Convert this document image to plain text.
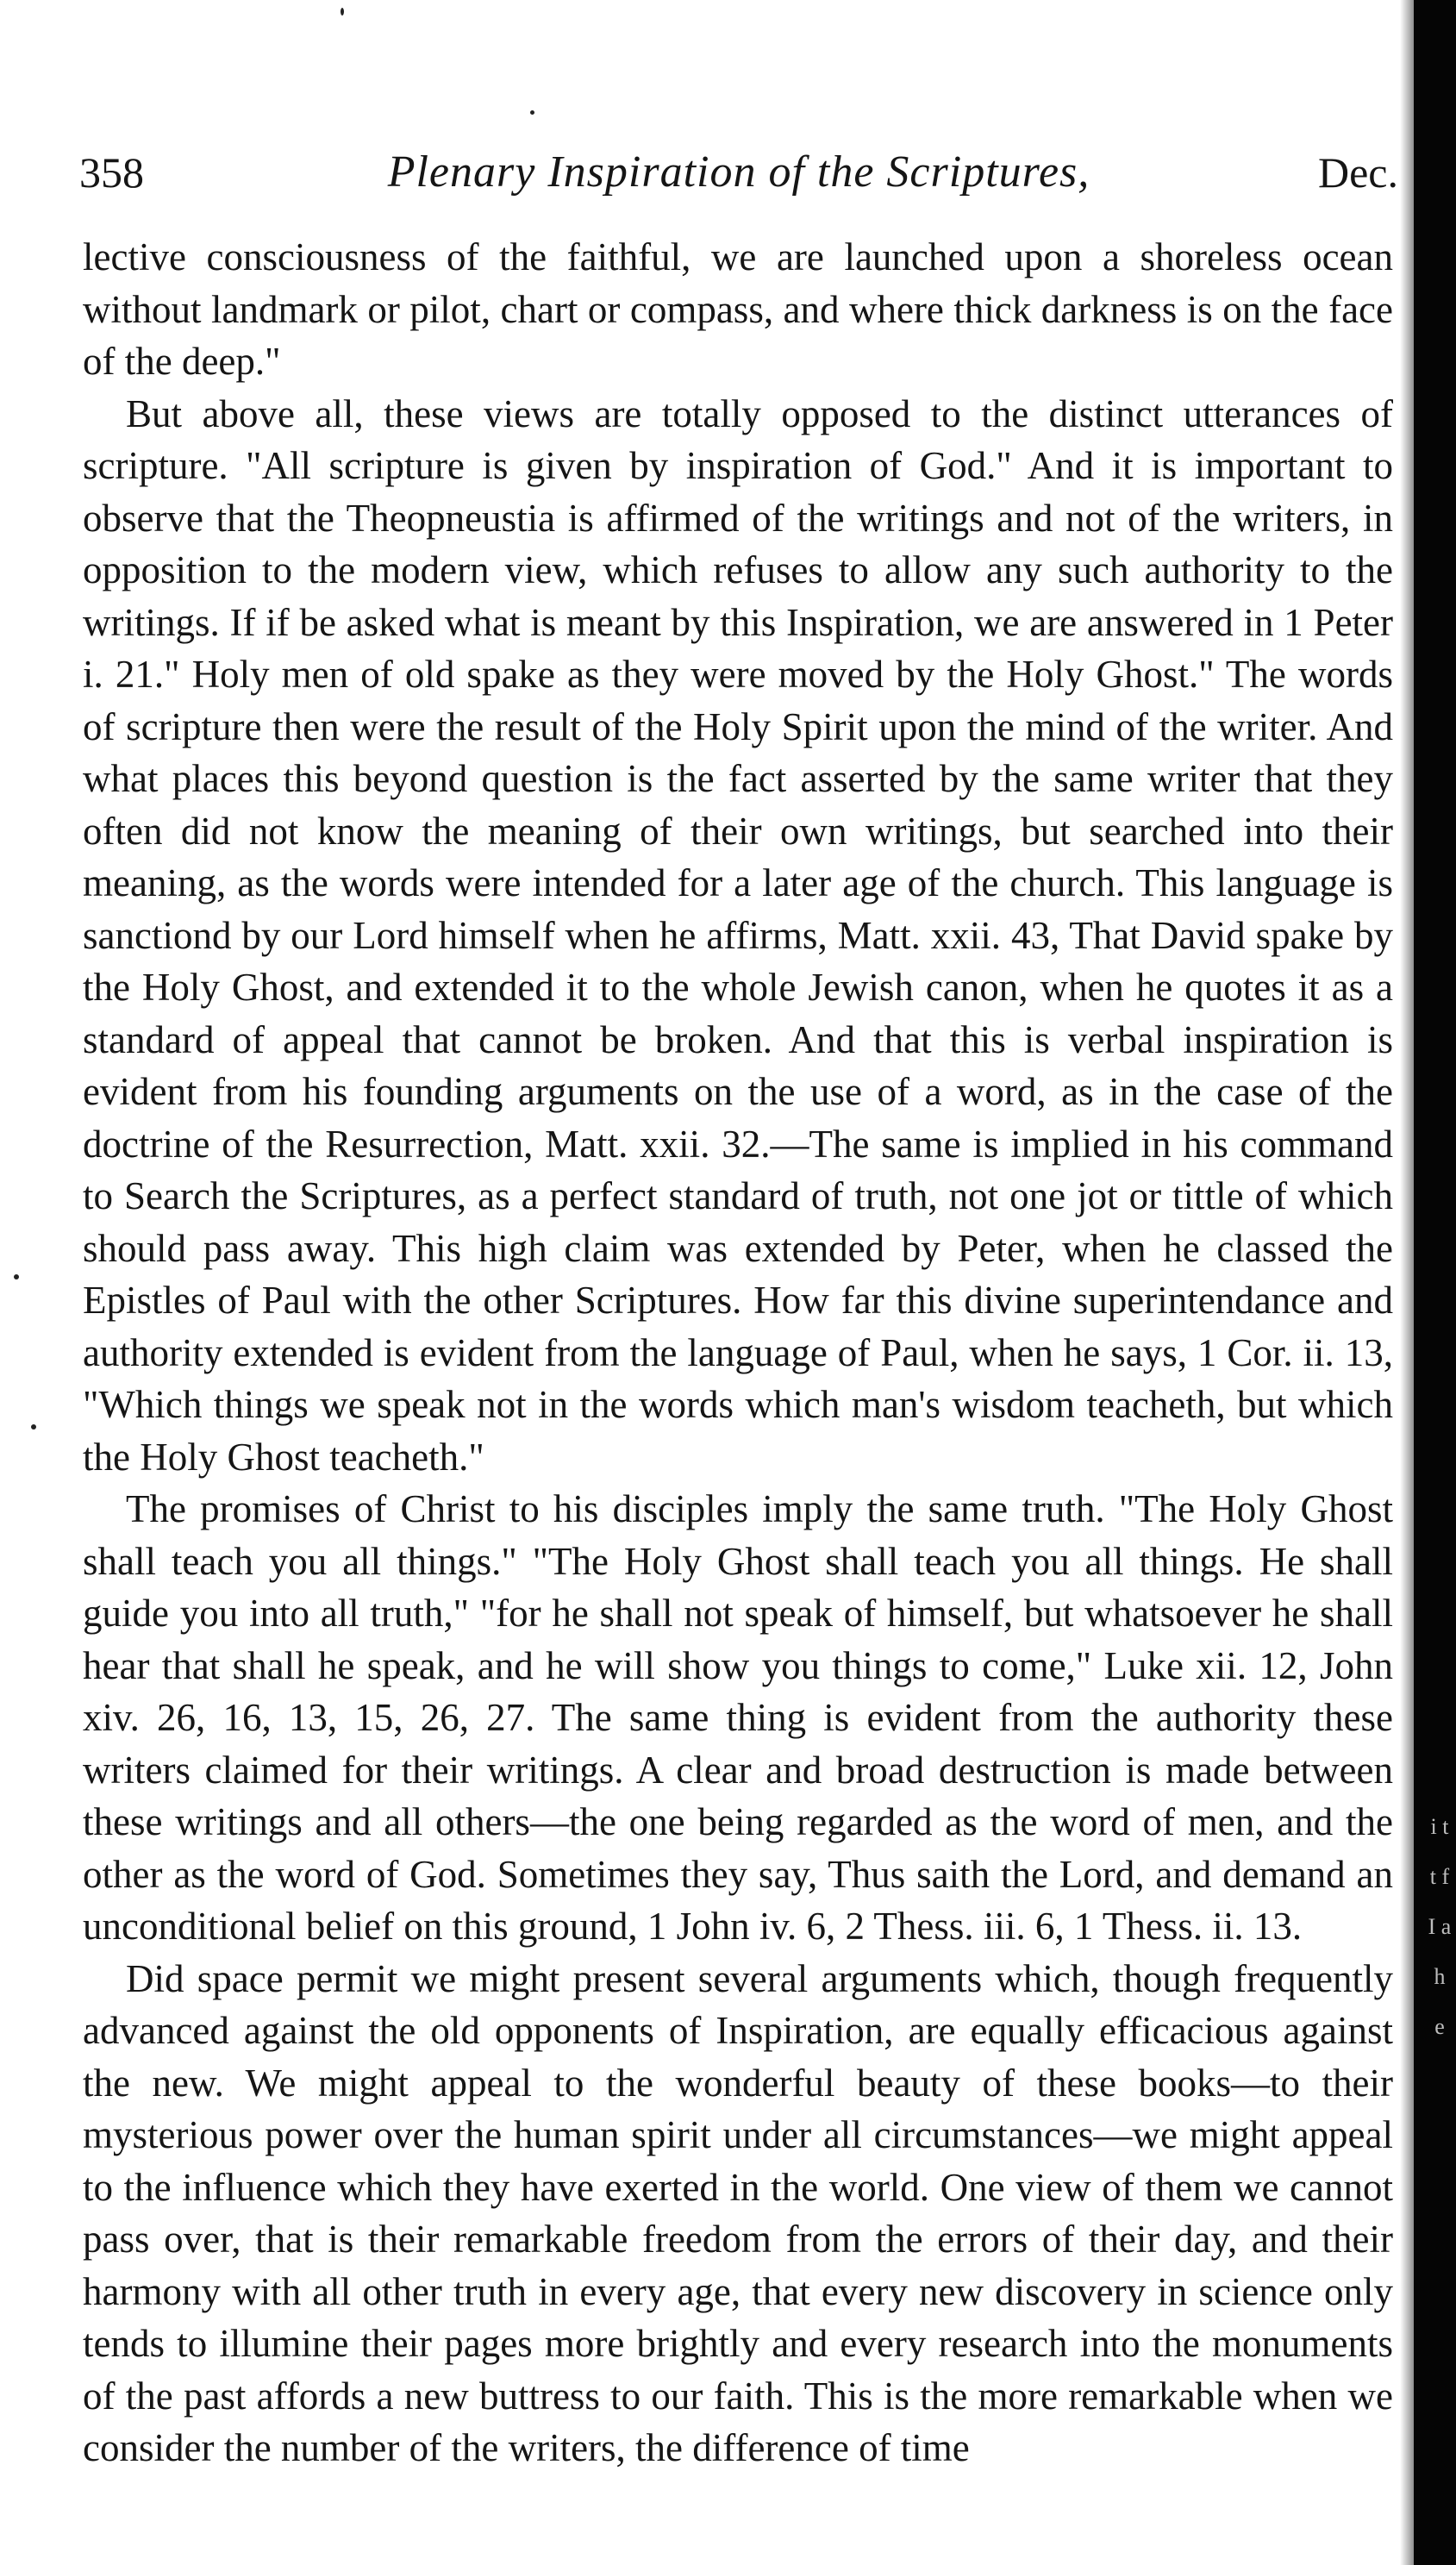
358	Plenary Inspiration of the Scriptures,	Dec.

lective consciousness of the faithful, we are launched upon a shoreless ocean without landmark or pilot, chart or compass, and where thick darkness is on the face of the deep."

But above all, these views are totally opposed to the distinct utterances of scripture. "All scripture is given by inspiration of God." And it is important to observe that the Theopneustia is affirmed of the writings and not of the writers, in opposition to the modern view, which refuses to allow any such authority to the writings. If if be asked what is meant by this Inspiration, we are answered in 1 Peter i. 21." Holy men of old spake as they were moved by the Holy Ghost." The words of scripture then were the result of the Holy Spirit upon the mind of the writer. And what places this beyond question is the fact asserted by the same writer that they often did not know the meaning of their own writings, but searched into their meaning, as the words were intended for a later age of the church. This language is sanctiond by our Lord himself when he affirms, Matt. xxii. 43, That David spake by the Holy Ghost, and extended it to the whole Jewish canon, when he quotes it as a standard of appeal that cannot be broken. And that this is verbal inspiration is evident from his founding arguments on the use of a word, as in the case of the doctrine of the Resurrection, Matt. xxii. 32.—The same is implied in his command to Search the Scriptures, as a perfect standard of truth, not one jot or tittle of which should pass away. This high claim was extended by Peter, when he classed the Epistles of Paul with the other Scriptures. How far this divine superintendance and authority extended is evident from the language of Paul, when he says, 1 Cor. ii. 13, "Which things we speak not in the words which man's wisdom teacheth, but which the Holy Ghost teacheth."

The promises of Christ to his disciples imply the same truth. "The Holy Ghost shall teach you all things." "The Holy Ghost shall teach you all things. He shall guide you into all truth," "for he shall not speak of himself, but whatsoever he shall hear that shall he speak, and he will show you things to come," Luke xii. 12, John xiv. 26, 16, 13, 15, 26, 27. The same thing is evident from the authority these writers claimed for their writings. A clear and broad destruction is made between these writings and all others—the one being regarded as the word of men, and the other as the word of God. Sometimes they say, Thus saith the Lord, and demand an unconditional belief on this ground, 1 John iv. 6, 2 Thess. iii. 6, 1 Thess. ii. 13.

Did space permit we might present several arguments which, though frequently advanced against the old opponents of Inspiration, are equally efficacious against the new. We might appeal to the wonderful beauty of these books—to their mysterious power over the human spirit under all circumstances—we might appeal to the influence which they have exerted in the world. One view of them we cannot pass over, that is their remarkable freedom from the errors of their day, and their harmony with all other truth in every age, that every new discovery in science only tends to illumine their pages more brightly and every research into the monuments of the past affords a new buttress to our faith. This is the more remarkable when we consider the number of the writers, the difference of time

i t t f I a h e
